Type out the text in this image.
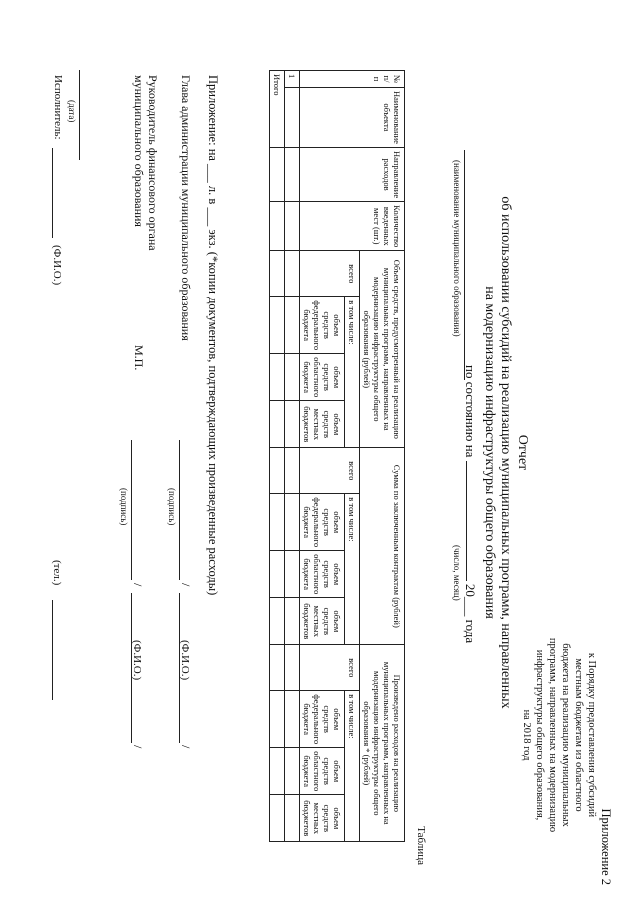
Приложение 2
к Порядку предоставления субсидий
местным бюджетам из областного
бюджета на реализацию муниципальных
программ, направленных на модернизацию
инфраструктуры общего образования,
на 2018 год
Отчет
об использовании субсидий на реализацию муниципальных программ, направленных
на модернизацию инфраструктуры общего образования
по состоянию на  20___ года
(наименование муниципального образования)
(число, месяц)
Таблица
№ п/п	Наименование объекта	Направление расходов	Количество введенных мест (шт.)	Объем средств, предусмотренный на реализацию муниципальных программ, направленных на модернизацию инфраструктуры общего образования (рублей)				Сумма по заключенным контрактам (рублей)				Произведено расходов на реализацию муниципальных программ, направленных на модернизацию инфраструктуры общего образования * (рублей)			
				всего	в том числе:			всего	в том числе:			всего	в том числе:		
					объем средств федерального бюджета	объем средств областного бюджета	объем средств местных бюджетов		объем средств федерального бюджета	объем средств областного бюджета	объем средств местных бюджетов		объем средств федерального бюджета	объем средств областного бюджета	объем средств местных бюджетов
1															
Итого															
Приложение: на ___ л. в ___ экз. (*копии документов, подтверждающих произведенные расходы)
Глава администрации муниципального образования
(подпись)
/
(Ф.И.О.)
/
Руководитель финансового органа
муниципального образования
М.П.
(подпись)
/
(Ф.И.О.)
/
(дата)
Исполнитель:
(Ф.И.О.)
(тел.)
